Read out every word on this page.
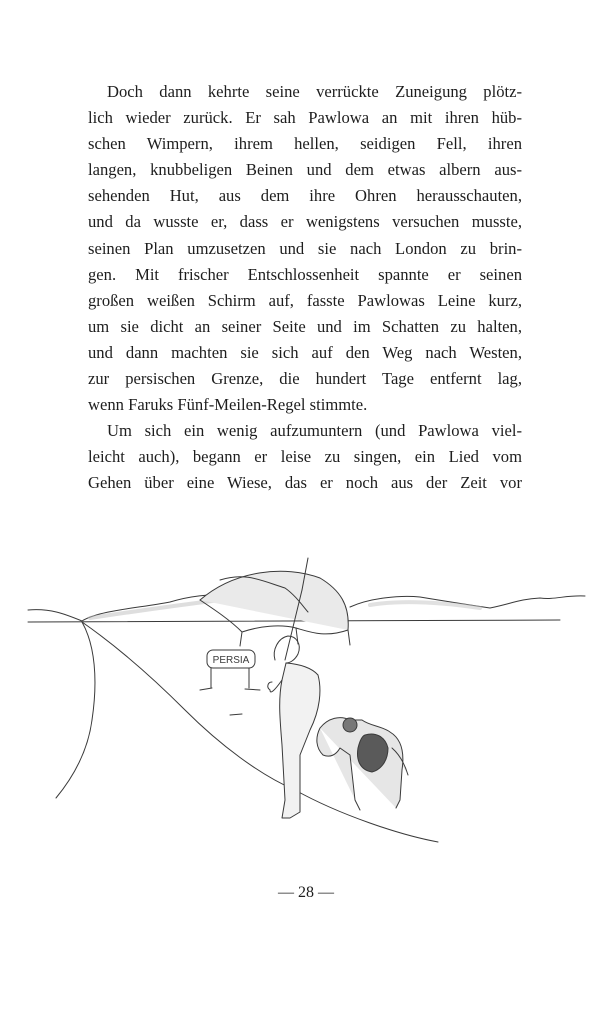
Doch dann kehrte seine verrückte Zuneigung plötz-
lich wieder zurück. Er sah Pawlowa an mit ihren hüb-
schen Wimpern, ihrem hellen, seidigen Fell, ihren
langen, knubbeligen Beinen und dem etwas albern aus-
sehenden Hut, aus dem ihre Ohren herausschauten,
und da wusste er, dass er wenigstens versuchen musste,
seinen Plan umzusetzen und sie nach London zu brin-
gen. Mit frischer Entschlossenheit spannte er seinen
großen weißen Schirm auf, fasste Pawlowas Leine kurz,
um sie dicht an seiner Seite und im Schatten zu halten,
und dann machten sie sich auf den Weg nach Westen,
zur persischen Grenze, die hundert Tage entfernt lag,
wenn Faruks Fünf-Meilen-Regel stimmte.
Um sich ein wenig aufzumuntern (und Pawlowa viel-
leicht auch), begann er leise zu singen, ein Lied vom
Gehen über eine Wiese, das er noch aus der Zeit vor
PERSIA
— 28 —
